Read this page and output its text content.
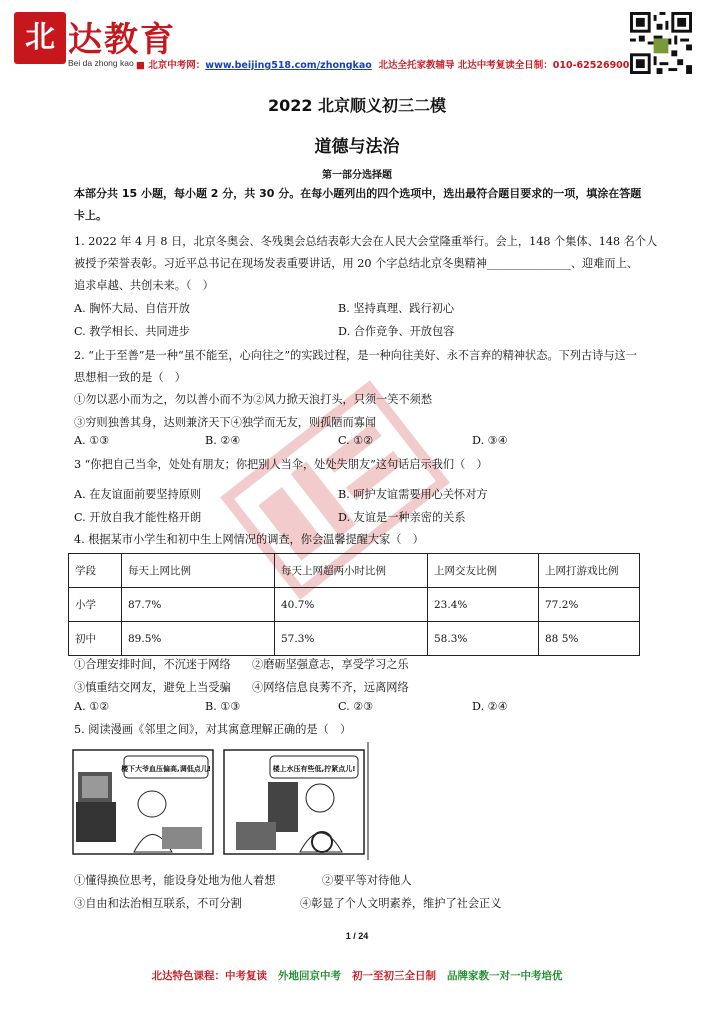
北 达教育
Bei da zhong kao ■ 北京中考网：www.beijing518.com/zhongkao 北达全托家教辅导 北达中考复读全日制：010-62526900
2022 北京顺义初三二模
道德与法治
第一部分选择题
本部分共 15 小题，每小题 2 分，共 30 分。在每小题列出的四个选项中，选出最符合题目要求的一项，填涂在答题
卡上。
1. 2022 年 4 月 8 日，北京冬奥会、冬残奥会总结表彰大会在人民大会堂隆重举行。会上，148 个集体、148 名个人
被授予荣誉表彰。习近平总书记在现场发表重要讲话，用 20 个字总结北京冬奥精神_______________、迎难而上、
追求卓越、共创未来。（　）
A. 胸怀大局、自信开放	B. 坚持真理、践行初心
C. 教学相长、共同进步	D. 合作竞争、开放包容
2. “止于至善”是一种“虽不能至，心向往之”的实践过程，是一种向往美好、永不言弃的精神状态。下列古诗与这一
思想相一致的是（　）
①勿以恶小而为之，勿以善小而不为②风力掀天浪打头，只须一笑不须愁
③穷则独善其身，达则兼济天下④独学而无友，则孤陋而寡闻
A. ①③	B. ②④	C. ①②	D. ③④
3 “你把自己当伞，处处有朋友；你把别人当伞，处处失朋友”这句话启示我们（　）
A. 在友谊面前要坚持原则	B. 呵护友谊需要用心关怀对方
C. 开放自我才能性格开朗	D. 友谊是一种亲密的关系
4. 根据某市小学生和初中生上网情况的调查，你会温馨提醒大家（　）
学段	每天上网比例	每天上网超两小时比例	上网交友比例	上网打游戏比例
小学	87.7%	40.7%	23.4%	77.2%
初中	89.5%	57.3%	58.3%	88 5%
①合理安排时间，不沉迷于网络 ②磨砺坚强意志，享受学习之乐
③慎重结交网友，避免上当受骗 ④网络信息良莠不齐，远离网络
A. ①②	B. ①③	C. ②③	D. ②④
5. 阅读漫画《邻里之间》，对其寓意理解正确的是（　）
楼下大爷血压偏高,调低点儿!	楼上水压有些低,拧紧点儿!
①懂得换位思考，能设身处地为他人着想	②要平等对待他人
③自由和法治相互联系，不可分割	④彰显了个人文明素养，维护了社会正义
1 / 24
北达特色课程：中考复读 外地回京中考 初一至初三全日制 品牌家教一对一中考培优
